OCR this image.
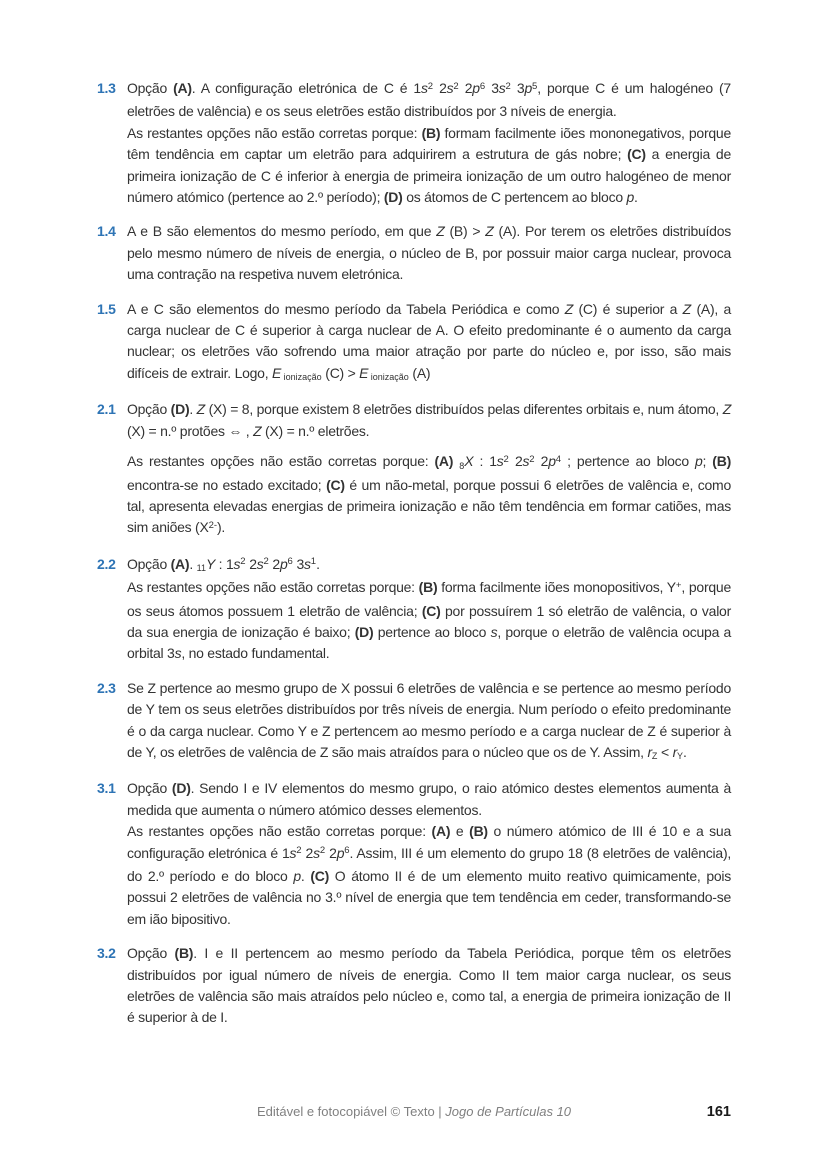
1.3 Opção (A). A configuração eletrónica de C é $1s^2$ $2s^2$ $2p^6$ $3s^2$ $3p^5$, porque C é um halogéneo (7 eletrões de valência) e os seus eletrões estão distribuídos por 3 níveis de energia.

As restantes opções não estão corretas porque: (B) formam facilmente iões mononegativos, porque têm tendência em captar um eletrão para adquirirem a estrutura de gás nobre; (C) a energia de primeira ionização de C é inferior à energia de primeira ionização de um outro halogéneo de menor número atómico (pertence ao 2.º período); (D) os átomos de C pertencem ao bloco p.

1.4 A e B são elementos do mesmo período, em que Z (B) > Z (A). Por terem os eletrões distribuídos pelo mesmo número de níveis de energia, o núcleo de B, por possuir maior carga nuclear, provoca uma contração na respetiva nuvem eletrónica.

1.5 A e C são elementos do mesmo período da Tabela Periódica e como Z (C) é superior a Z (A), a carga nuclear de C é superior à carga nuclear de A. O efeito predominante é o aumento da carga nuclear; os eletrões vão sofrendo uma maior atração por parte do núcleo e, por isso, são mais difíceis de extrair. Logo, E ionização (C) > E ionização (A)

2.1 Opção (D). Z (X) = 8, porque existem 8 eletrões distribuídos pelas diferentes orbitais e, num átomo, Z (X) = n.º protões ⇔ , Z (X) = n.º eletrões.

As restantes opções não estão corretas porque: (A) 8X : $1s^2$ $2s^2$ $2p^4$ ; pertence ao bloco p; (B) encontra-se no estado excitado; (C) é um não-metal, porque possui 6 eletrões de valência e, como tal, apresenta elevadas energias de primeira ionização e não têm tendência em formar catiões, mas sim aniões $(X^{2-})$.

2.2 Opção (A). 11Y : $1s^2$ $2s^2$ $2p^6$ $3s^1$.

As restantes opções não estão corretas porque: (B) forma facilmente iões monopositivos, Y+, porque os seus átomos possuem 1 eletrão de valência; (C) por possuírem 1 só eletrão de valência, o valor da sua energia de ionização é baixo; (D) pertence ao bloco s, porque o eletrão de valência ocupa a orbital 3s, no estado fundamental.

2.3 Se Z pertence ao mesmo grupo de X possui 6 eletrões de valência e se pertence ao mesmo período de Y tem os seus eletrões distribuídos por três níveis de energia. Num período o efeito predominante é o da carga nuclear. Como Y e Z pertencem ao mesmo período e a carga nuclear de Z é superior à de Y, os eletrões de valência de Z são mais atraídos para o núcleo que os de Y. Assim, rZ < rY.

3.1 Opção (D). Sendo I e IV elementos do mesmo grupo, o raio atómico destes elementos aumenta à medida que aumenta o número atómico desses elementos.

As restantes opções não estão corretas porque: (A) e (B) o número atómico de III é 10 e a sua configuração eletrónica é $1s^2$ $2s^2$ $2p^6$. Assim, III é um elemento do grupo 18 (8 eletrões de valência), do 2.º período e do bloco p. (C) O átomo II é de um elemento muito reativo quimicamente, pois possui 2 eletrões de valência no 3.º nível de energia que tem tendência em ceder, transformando-se em ião bipositivo.

3.2 Opção (B). I e II pertencem ao mesmo período da Tabela Periódica, porque têm os eletrões distribuídos por igual número de níveis de energia. Como II tem maior carga nuclear, os seus eletrões de valência são mais atraídos pelo núcleo e, como tal, a energia de primeira ionização de II é superior à de I.

Editável e fotocopiável © Texto | Jogo de Partículas 10	161
